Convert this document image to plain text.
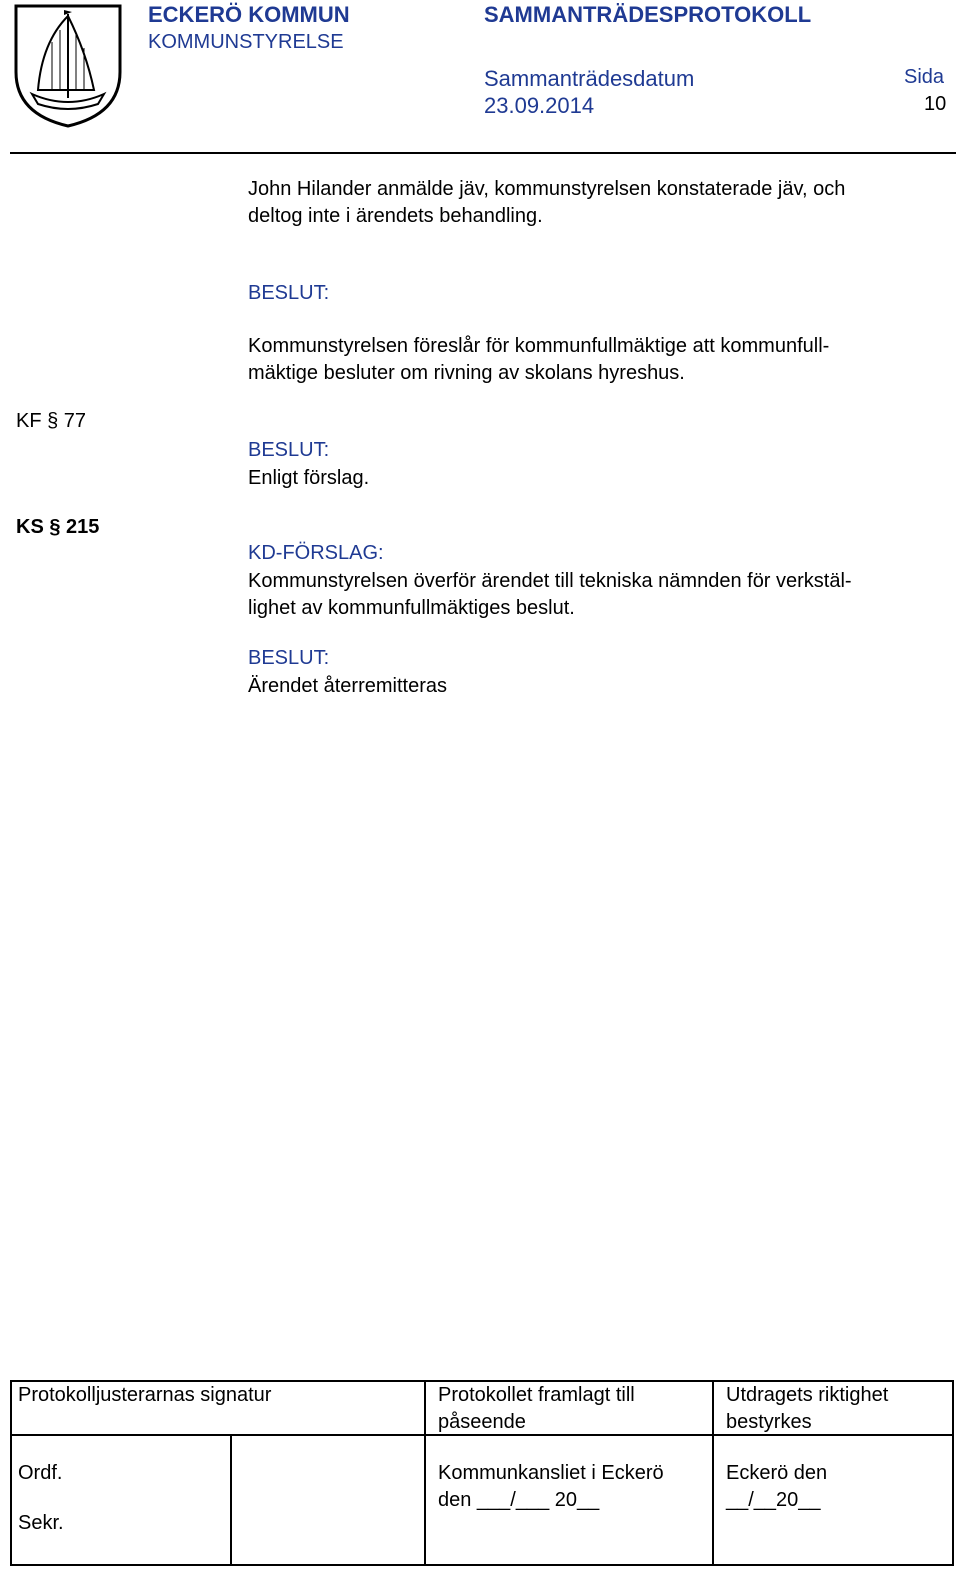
ECKERÖ KOMMUN
KOMMUNSTYRELSE
SAMMANTRÄDESPROTOKOLL
Sammanträdesdatum
23.09.2014
Sida
10
John Hilander anmälde jäv, kommunstyrelsen konstaterade jäv, och
deltog inte i ärendets behandling.
BESLUT:
Kommunstyrelsen föreslår för kommunfullmäktige att kommunfull-
mäktige besluter om rivning av skolans hyreshus.
KF § 77
BESLUT:
Enligt förslag.
KS § 215
KD-FÖRSLAG:
Kommunstyrelsen överför ärendet till tekniska nämnden för verkstäl-
lighet av kommunfullmäktiges beslut.
BESLUT:
Ärendet återremitteras
Protokolljusterarnas signatur	Protokollet framlagt till
påseende
Utdragets riktighet
bestyrkes
Ordf.
Sekr.
Kommunkansliet i Eckerö
den ___/___ 20__
Eckerö den
__/__20__
